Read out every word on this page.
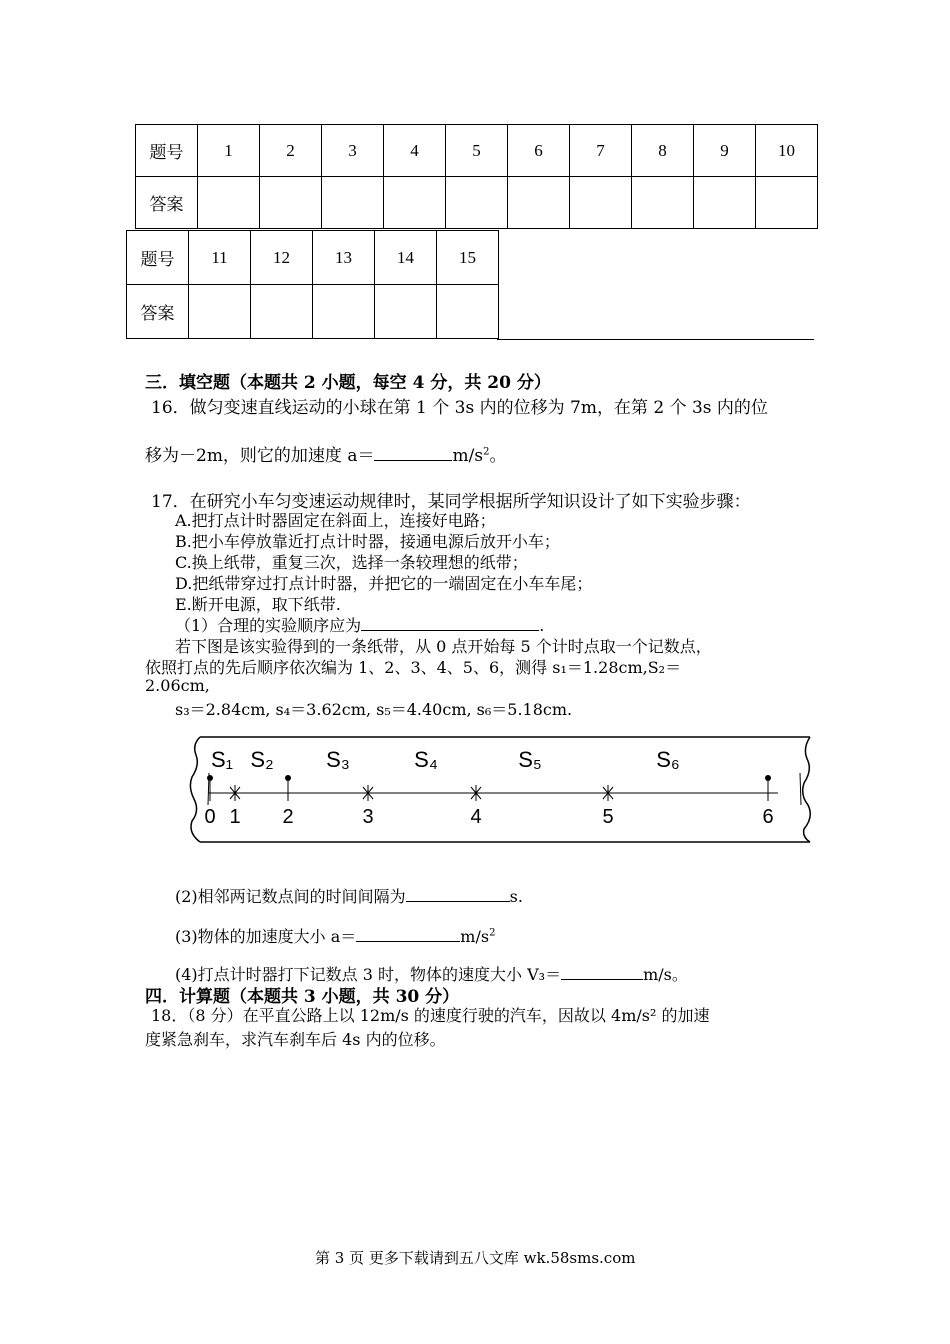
题号	1	2	3	4	5	6	7	8	9	10
答案										
题号	11	12	13	14	15
答案					
三．填空题（本题共 2 小题，每空 4 分，共 20 分）
16．做匀变速直线运动的小球在第 1 个 3s 内的位移为 7m，在第 2 个 3s 内的位
移为－2m，则它的加速度 a＝	$m/s^2$。
17．在研究小车匀变速运动规律时，某同学根据所学知识设计了如下实验步骤：
A.把打点计时器固定在斜面上，连接好电路；
B.把小车停放靠近打点计时器，接通电源后放开小车；
C.换上纸带，重复三次，选择一条较理想的纸带；
D.把纸带穿过打点计时器，并把它的一端固定在小车车尾；
E.断开电源，取下纸带.
（1）合理的实验顺序应为	.
若下图是该实验得到的一条纸带，从 0 点开始每 5 个计时点取一个记数点，
依照打点的先后顺序依次编为 1、2、3、4、5、6，测得 s₁＝1.28cm,S₂＝
2.06cm,
s₃＝2.84cm, s₄＝3.62cm, s₅＝4.40cm, s₆＝5.18cm.
0 1 2	3	4	5	6
S₁ S₂ S₃	S₄	S₅	S₆
(2)相邻两记数点间的时间间隔为	s.
(3)物体的加速度大小 a＝	$m/s^2$
(4)打点计时器打下记数点 3 时，物体的速度大小 V₃＝	m/s。
四．计算题（本题共 3 小题，共 30 分）
18．（8 分）在平直公路上以 12m/s 的速度行驶的汽车，因故以 4m/s² 的加速
度紧急刹车，求汽车刹车后 4s 内的位移。
第 3 页 更多下载请到五八文库 wk.58sms.com
